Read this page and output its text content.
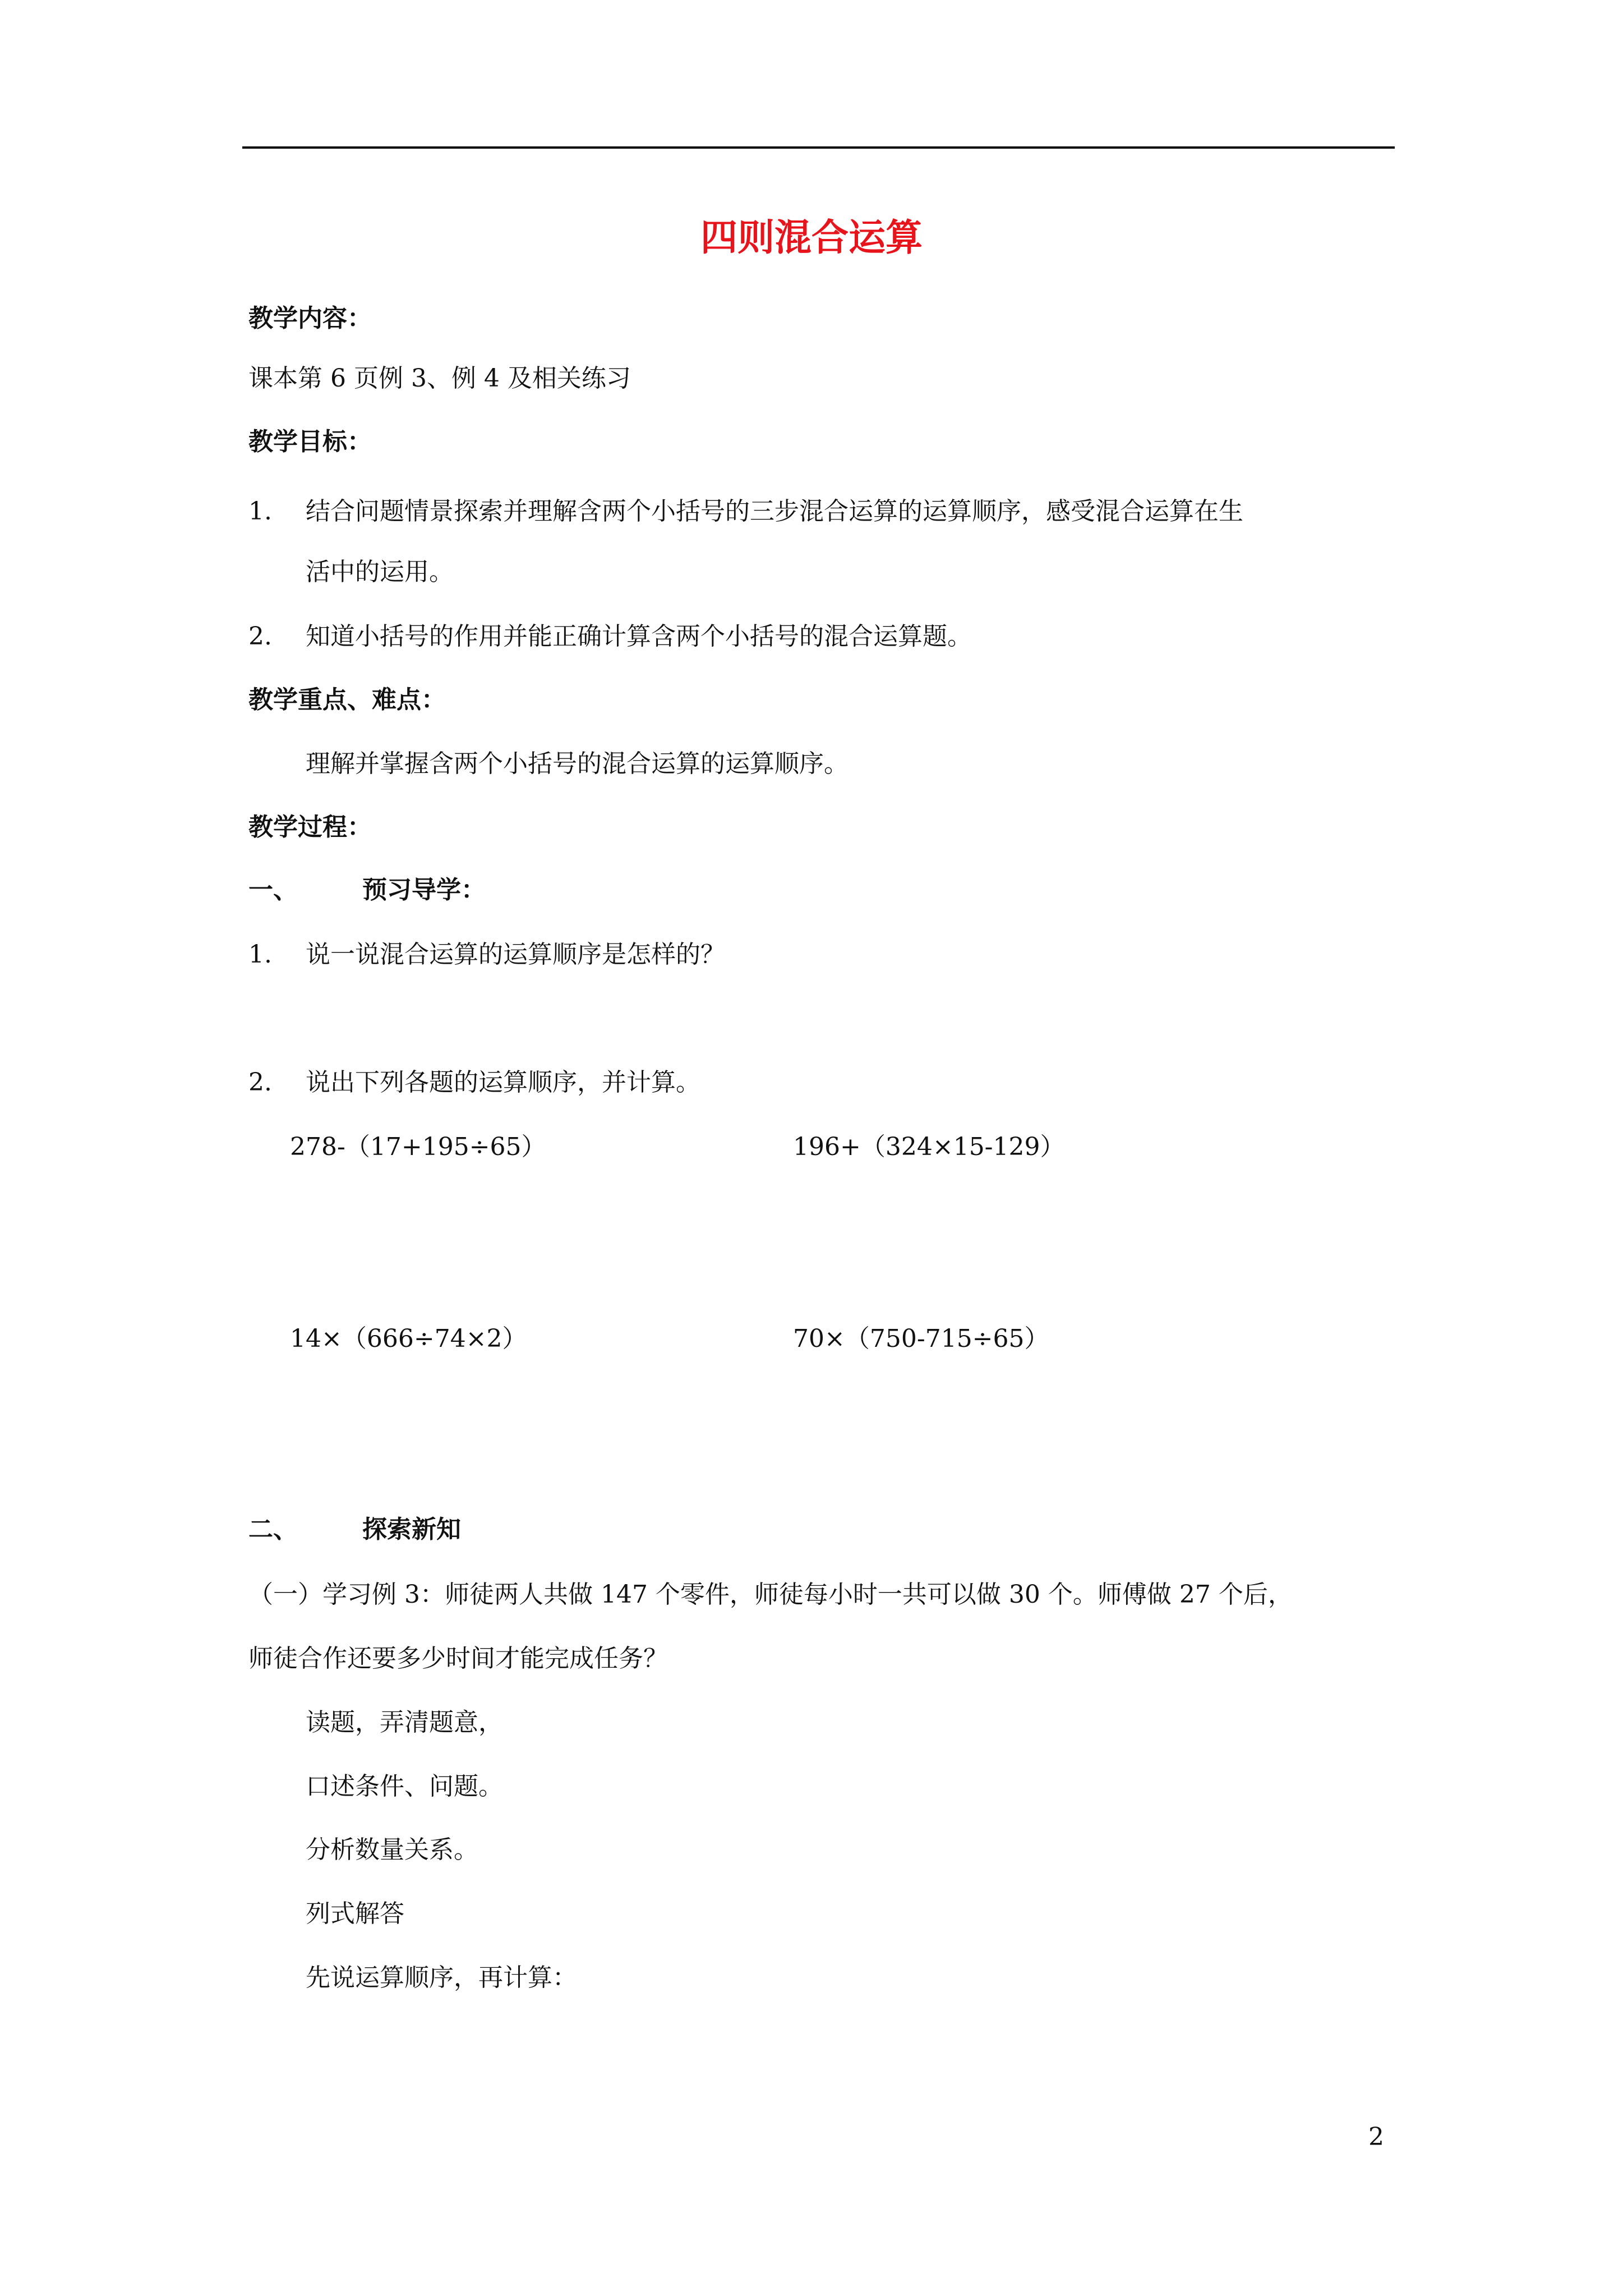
四则混合运算
教学内容：
课本第 6 页例 3、例 4 及相关练习
教学目标：
1. 结合问题情景探索并理解含两个小括号的三步混合运算的运算顺序，感受混合运算在生
活中的运用。
2. 知道小括号的作用并能正确计算含两个小括号的混合运算题。
教学重点、难点：
理解并掌握含两个小括号的混合运算的运算顺序。
教学过程：
一、	预习导学：
1. 说一说混合运算的运算顺序是怎样的？
2. 说出下列各题的运算顺序，并计算。
278-（17+195÷65）	196+（324×15-129）
14×（666÷74×2）	70×（750-715÷65）
二、	探索新知
（一）学习例 3：师徒两人共做 147 个零件，师徒每小时一共可以做 30 个。师傅做 27 个后，
师徒合作还要多少时间才能完成任务？
读题，弄清题意，
口述条件、问题。
分析数量关系。
列式解答
先说运算顺序，再计算：
2
